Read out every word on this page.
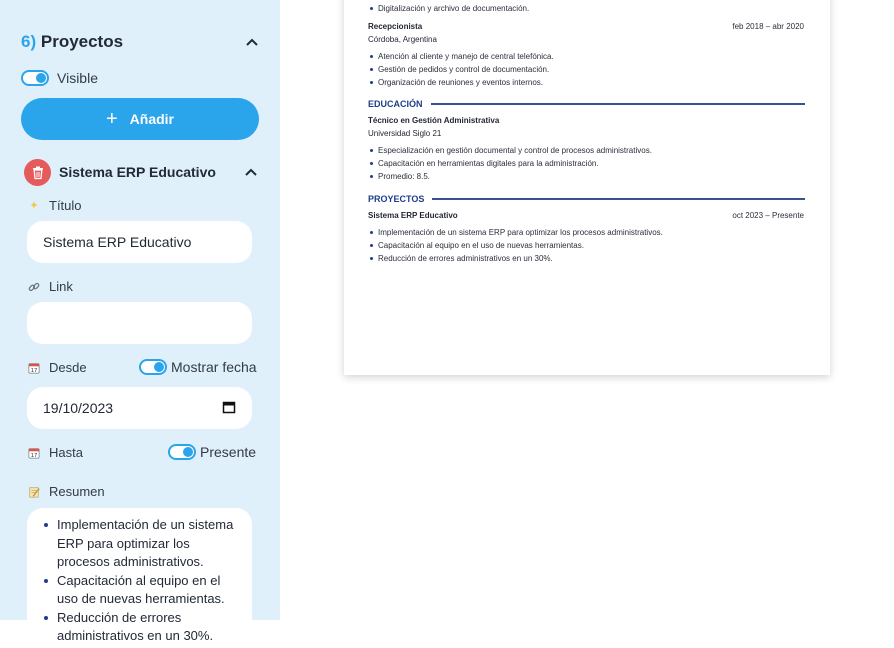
6) Proyectos
Visible
+ Añadir
Sistema ERP Educativo
✦ Título
Sistema ERP Educativo
Link
17 Desde	Mostrar fecha
19/10/2023
17 Hasta	Presente
Resumen
Implementación de un sistema ERP para optimizar los procesos administrativos.
Capacitación al equipo en el uso de nuevas herramientas.
Reducción de errores administrativos en un 30%.
Digitalización y archivo de documentación.
Recepcionista	feb 2018 – abr 2020
Córdoba, Argentina
Atención al cliente y manejo de central telefónica.
Gestión de pedidos y control de documentación.
Organización de reuniones y eventos internos.
EDUCACIÓN
Técnico en Gestión Administrativa
Universidad Siglo 21
Especialización en gestión documental y control de procesos administrativos.
Capacitación en herramientas digitales para la administración.
Promedio: 8.5.
PROYECTOS
Sistema ERP Educativo	oct 2023 – Presente
Implementación de un sistema ERP para optimizar los procesos administrativos.
Capacitación al equipo en el uso de nuevas herramientas.
Reducción de errores administrativos en un 30%.
